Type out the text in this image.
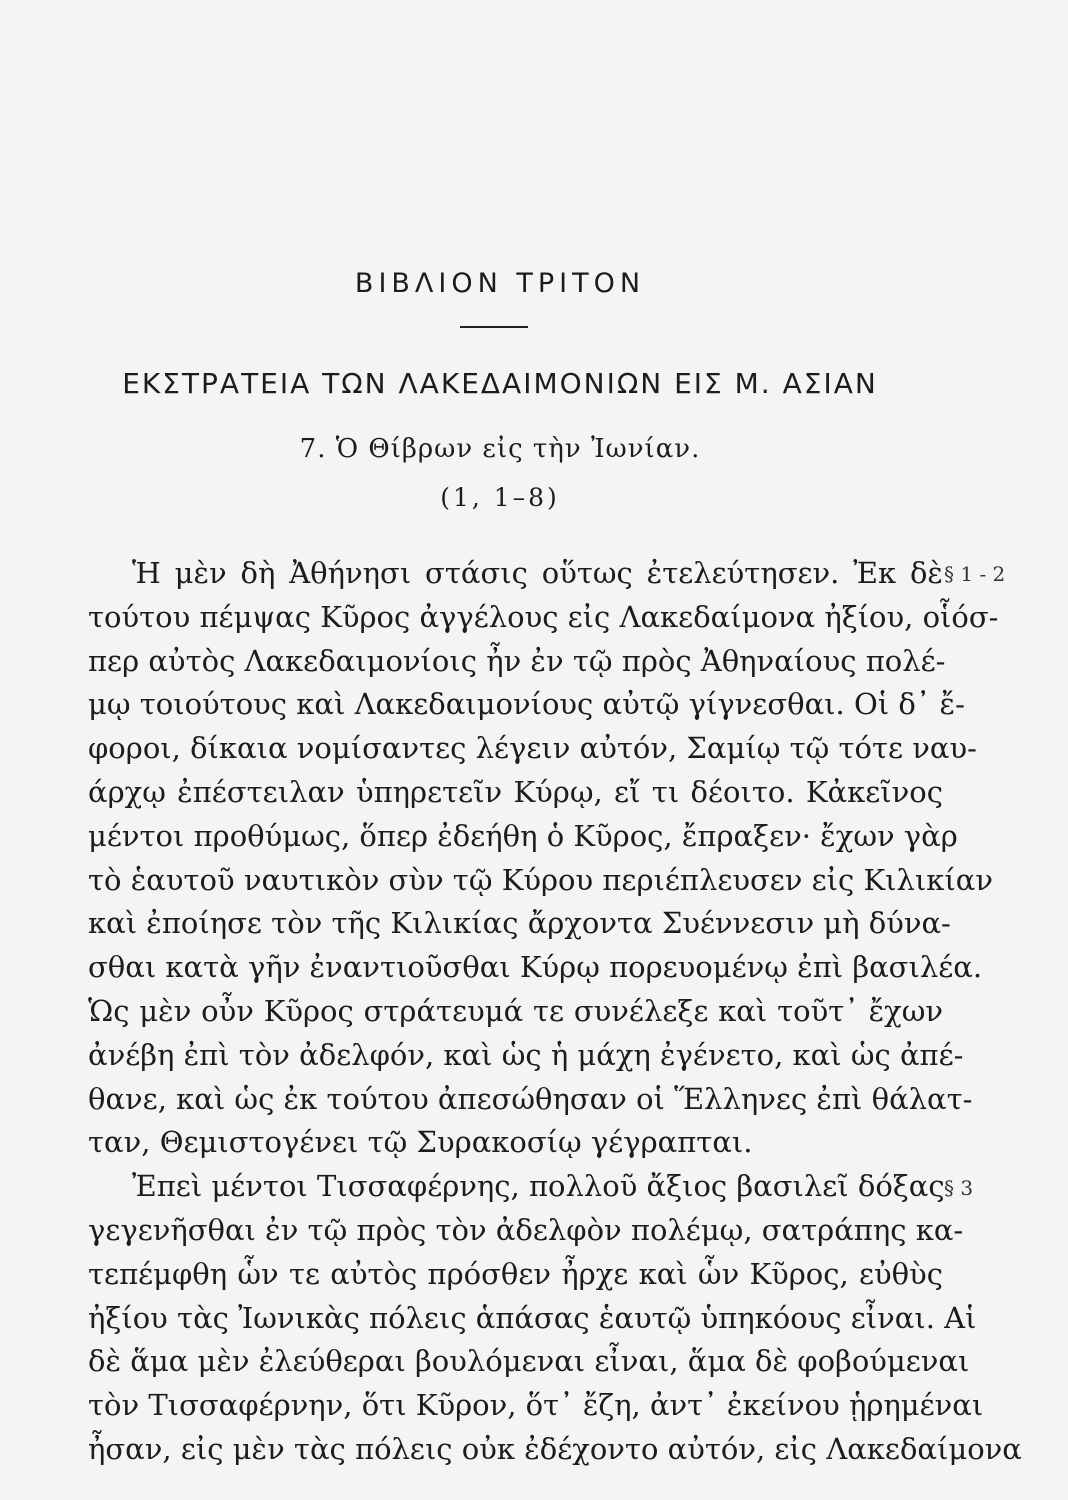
ΒΙΒΛΙΟΝ ΤΡΙΤΟΝ
ΕΚΣΤΡΑΤΕΙΑ ΤΩΝ ΛΑΚΕΔΑΙΜΟΝΙΩΝ ΕΙΣ Μ. ΑΣΙΑΝ
7. Ὁ Θίβρων εἰς τὴν Ἰωνίαν.
(1, 1–8)
Ἡ μὲν δὴ Ἀθήνησι στάσις οὕτως ἐτελεύτησεν. Ἐκ δὲ
τούτου πέμψας Κῦρος ἀγγέλους εἰς Λακεδαίμονα ἠξίου, οἷόσ-
περ αὐτὸς Λακεδαιμονίοις ἦν ἐν τῷ πρὸς Ἀθηναίους πολέ-
μῳ τοιούτους καὶ Λακεδαιμονίους αὐτῷ γίγνεσθαι. Οἱ δ᾽ ἔ-
φοροι, δίκαια νομίσαντες λέγειν αὐτόν, Σαμίῳ τῷ τότε ναυ-
άρχῳ ἐπέστειλαν ὑπηρετεῖν Κύρῳ, εἴ τι δέοιτο. Κἀκεῖνος
μέντοι προθύμως, ὅπερ ἐδεήθη ὁ Κῦρος, ἔπραξεν· ἔχων γὰρ
τὸ ἑαυτοῦ ναυτικὸν σὺν τῷ Κύρου περιέπλευσεν εἰς Κιλικίαν
καὶ ἐποίησε τὸν τῆς Κιλικίας ἄρχοντα Συέννεσιν μὴ δύνα-
σθαι κατὰ γῆν ἐναντιοῦσθαι Κύρῳ πορευομένῳ ἐπὶ βασιλέα.
Ὡς μὲν οὖν Κῦρος στράτευμά τε συνέλεξε καὶ τοῦτ᾽ ἔχων
ἀνέβη ἐπὶ τὸν ἀδελφόν, καὶ ὡς ἡ μάχη ἐγένετο, καὶ ὡς ἀπέ-
θανε, καὶ ὡς ἐκ τούτου ἀπεσώθησαν οἱ Ἕλληνες ἐπὶ θάλατ-
ταν, Θεμιστογένει τῷ Συρακοσίῳ γέγραπται.
Ἐπεὶ μέντοι Τισσαφέρνης, πολλοῦ ἄξιος βασιλεῖ δόξας
γεγενῆσθαι ἐν τῷ πρὸς τὸν ἀδελφὸν πολέμῳ, σατράπης κα-
τεπέμφθη ὧν τε αὐτὸς πρόσθεν ἦρχε καὶ ὧν Κῦρος, εὐθὺς
ἠξίου τὰς Ἰωνικὰς πόλεις ἁπάσας ἑαυτῷ ὑπηκόους εἶναι. Αἱ
δὲ ἅμα μὲν ἐλεύθεραι βουλόμεναι εἶναι, ἅμα δὲ φοβούμεναι
τὸν Τισσαφέρνην, ὅτι Κῦρον, ὅτ᾽ ἔζη, ἀντ᾽ ἐκείνου ᾑρημέναι
ἦσαν, εἰς μὲν τὰς πόλεις οὐκ ἐδέχοντο αὐτόν, εἰς Λακεδαίμονα
§ 1 - 2
§ 3
